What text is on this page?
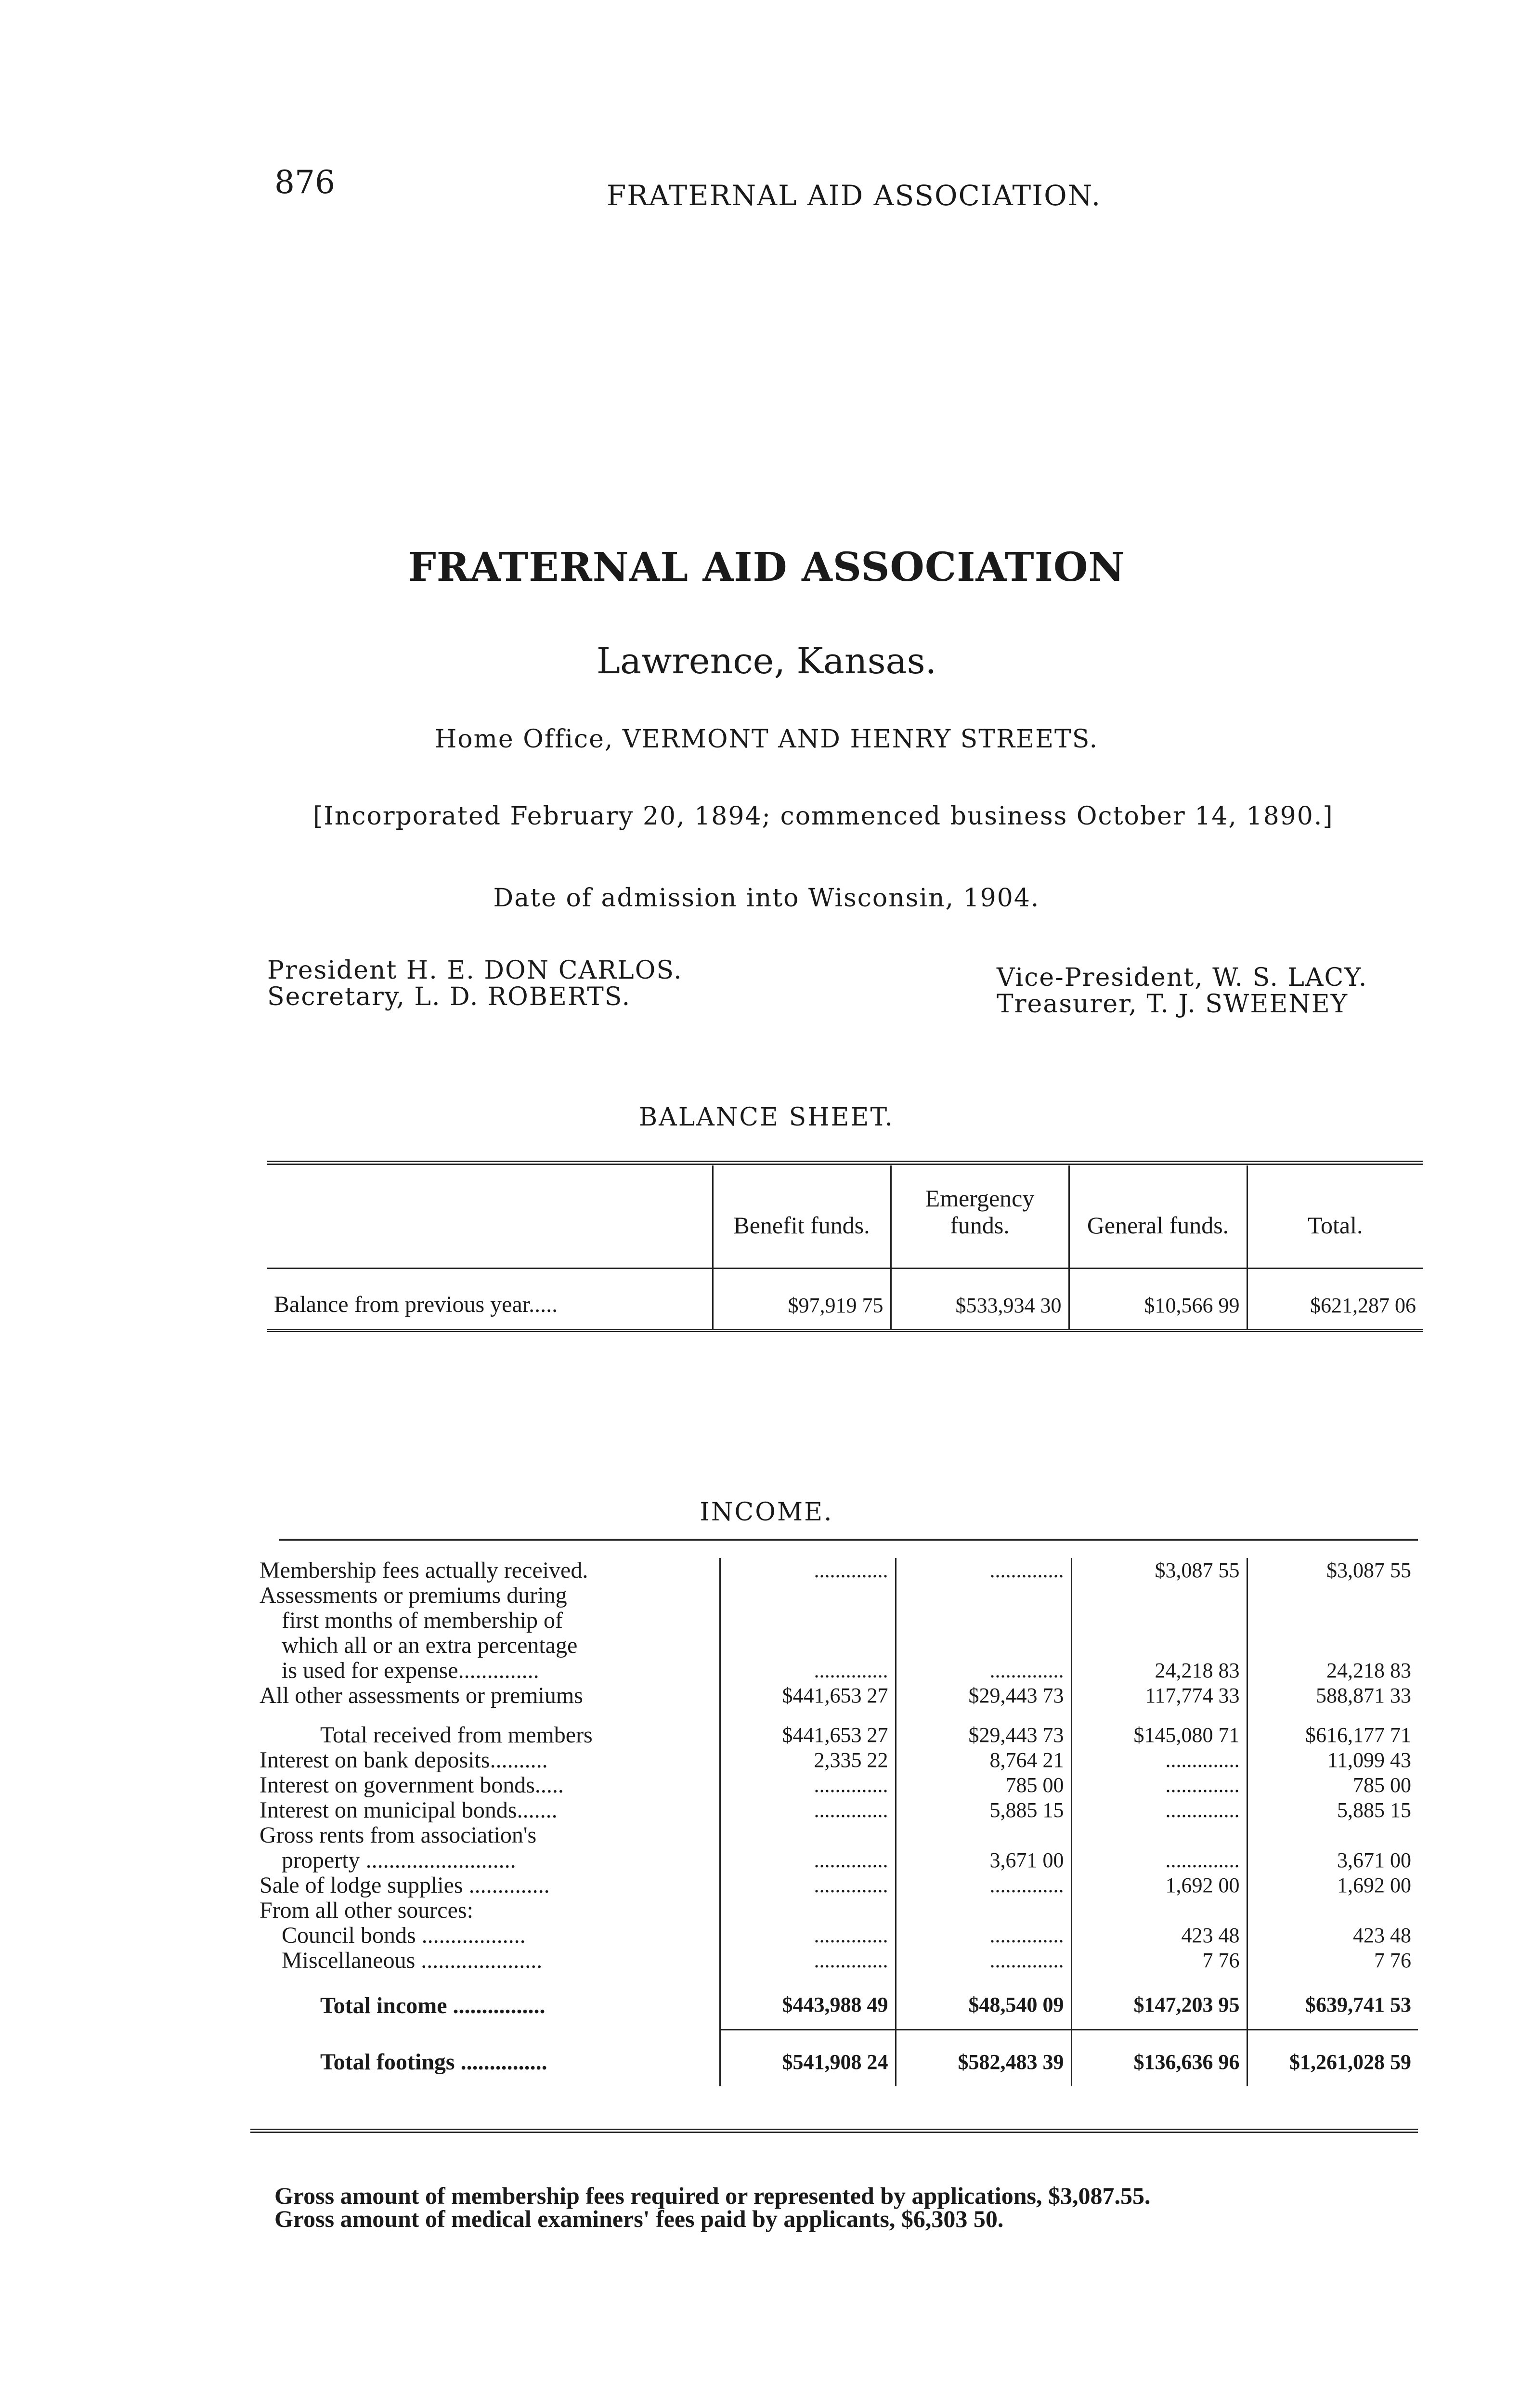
876	FRATERNAL AID ASSOCIATION.
FRATERNAL AID ASSOCIATION
Lawrence, Kansas.
Home Office, VERMONT AND HENRY STREETS.
[Incorporated February 20, 1894; commenced business October 14, 1890.]
Date of admission into Wisconsin, 1904.
President H. E. DON CARLOS.
Secretary, L. D. ROBERTS.
Vice-President, W. S. LACY.
Treasurer, T. J. SWEENEY
BALANCE SHEET.
	Benefit funds.	Emergency funds.	General funds.	Total.
Balance from previous year.....	$97,919 75	$533,934 30	$10,566 99	$621,287 06
INCOME.
Membership fees actually received.	..............	..............	$3,087 55	$3,087 55
Assessments or premiums during				
first months of membership of				
which all or an extra percentage				
is used for expense..............	..............	..............	24,218 83	24,218 83
All other assessments or premiums	$441,653 27	$29,443 73	117,774 33	588,871 33

Total received from members	$441,653 27	$29,443 73	$145,080 71	$616,177 71
Interest on bank deposits..........	2,335 22	8,764 21	..............	11,099 43
Interest on government bonds.....	..............	785 00	..............	785 00
Interest on municipal bonds.......	..............	5,885 15	..............	5,885 15
Gross rents from association's				
property ..........................	..............	3,671 00	..............	3,671 00
Sale of lodge supplies ..............	..............	..............	1,692 00	1,692 00
From all other sources:				
Council bonds ..................	..............	..............	423 48	423 48
Miscellaneous .....................	..............	..............	7 76	7 76
Total income ................	$443,988 49	$48,540 09	$147,203 95	$639,741 53
Total footings ...............	$541,908 24	$582,483 39	$136,636 96	$1,261,028 59
Gross amount of membership fees required or represented by applications, $3,087.55.
Gross amount of medical examiners' fees paid by applicants, $6,303 50.
